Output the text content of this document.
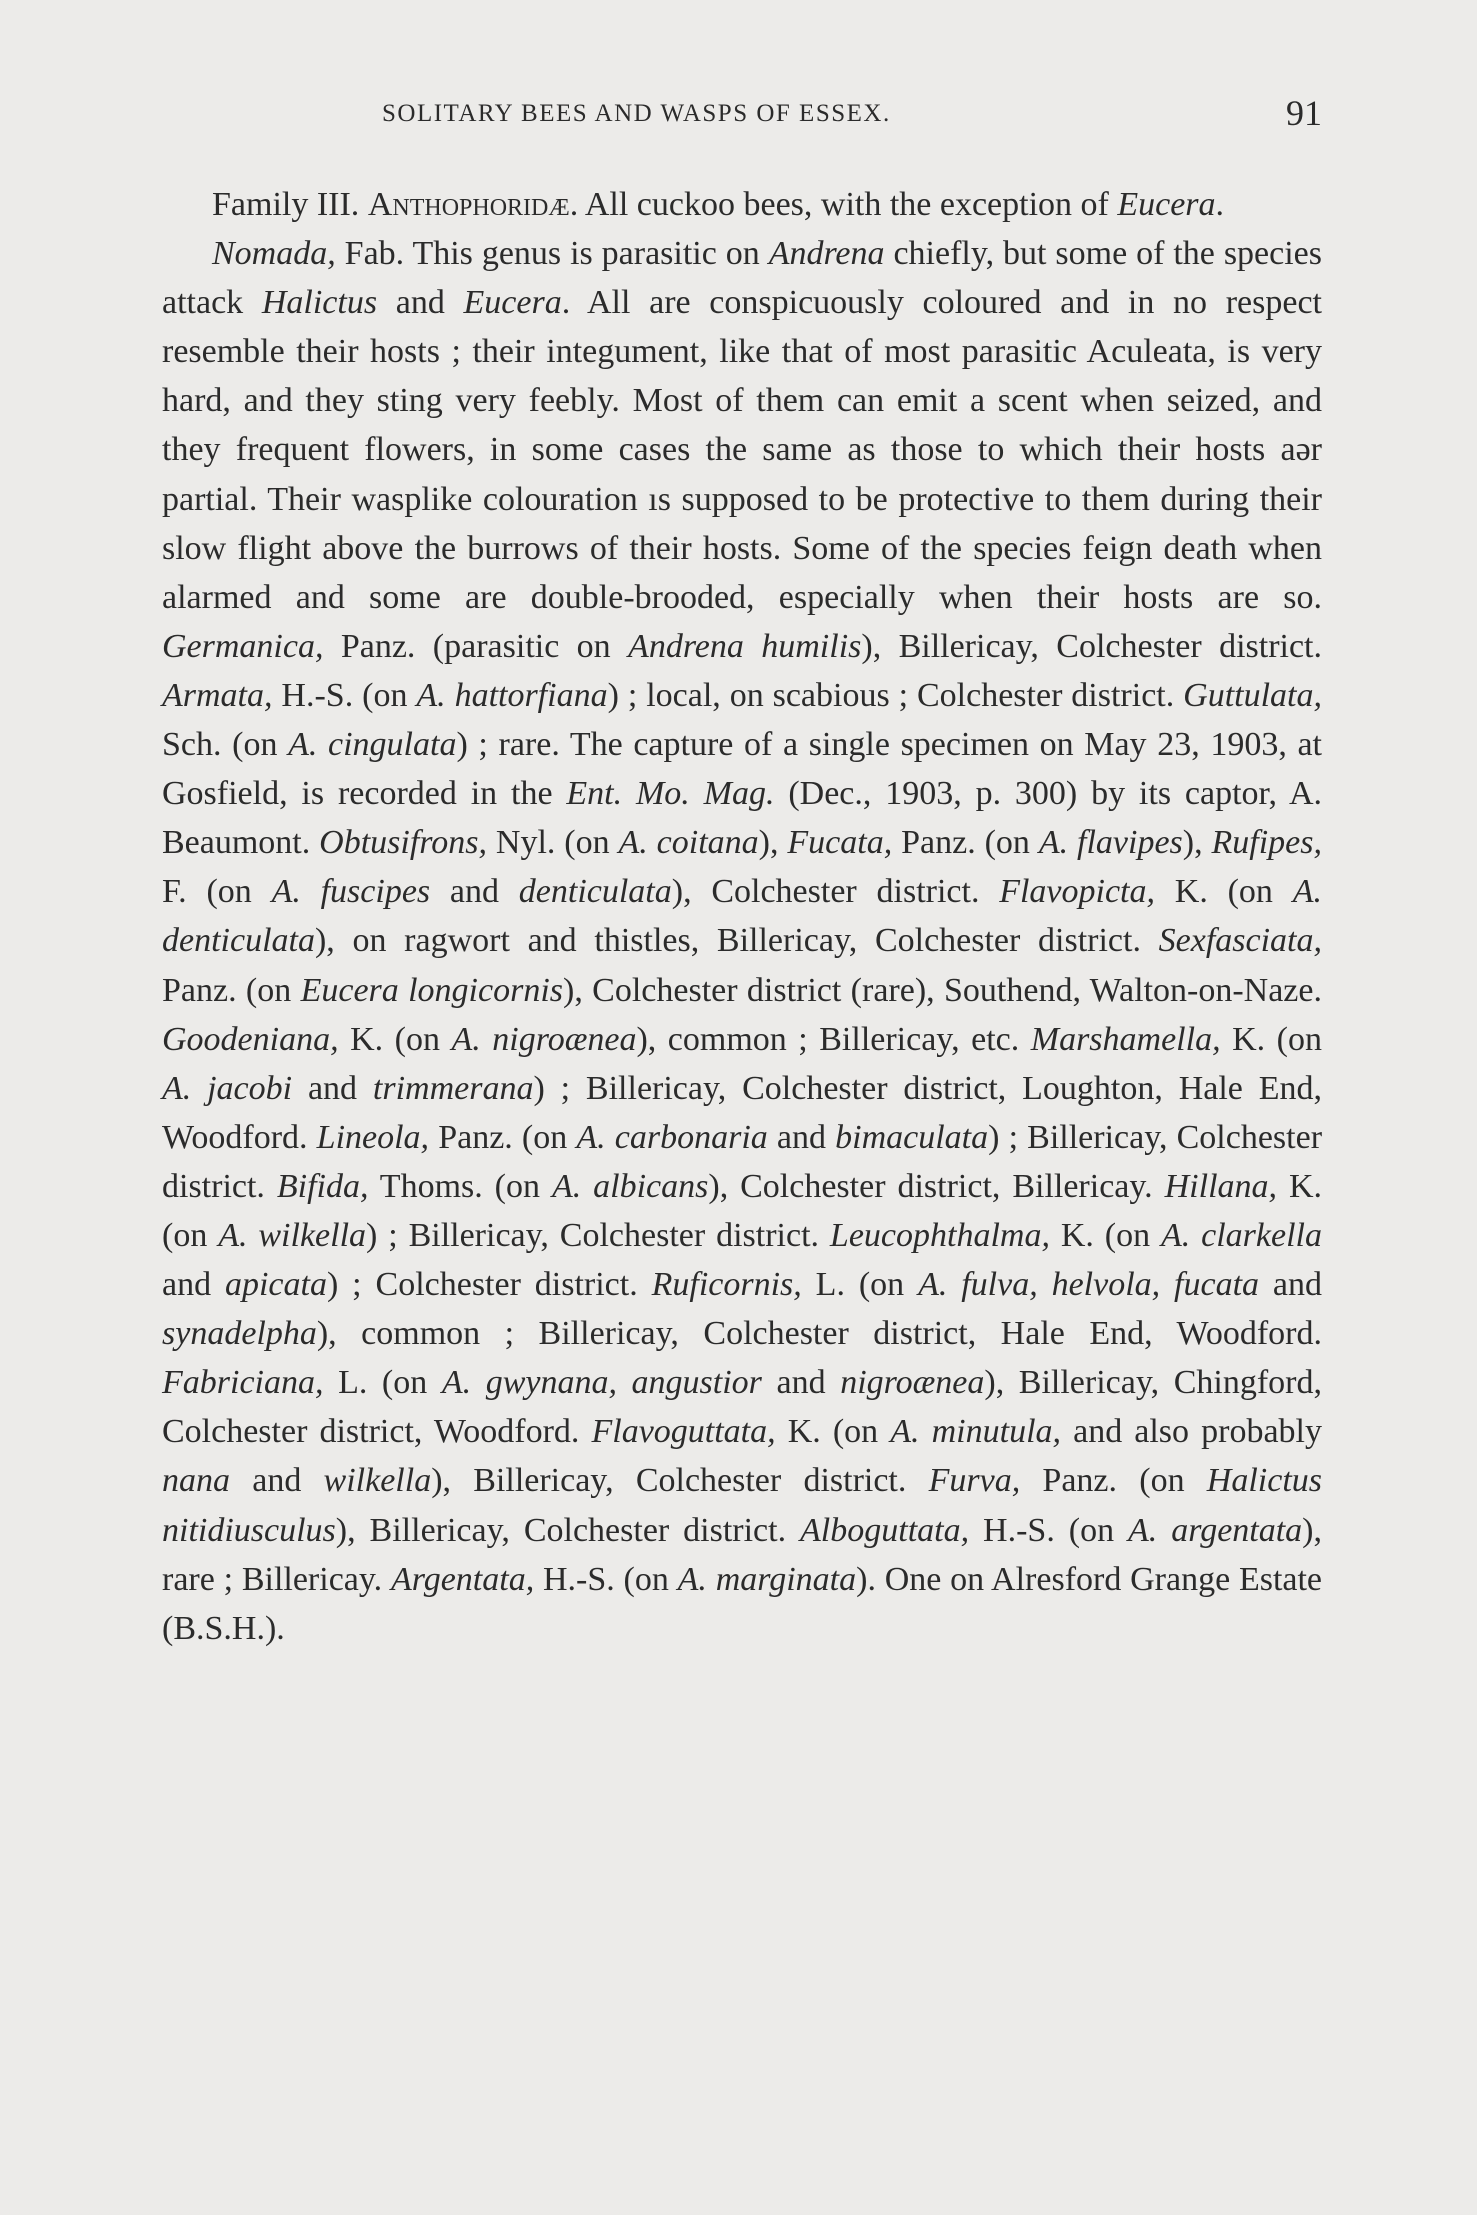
SOLITARY BEES AND WASPS OF ESSEX.	91

Family III. Anthophoridæ. All cuckoo bees, with the exception of Eucera.

Nomada, Fab. This genus is parasitic on Andrena chiefly, but some of the species attack Halictus and Eucera. All are conspicuously coloured and in no respect resemble their hosts ; their integument, like that of most parasitic Aculeata, is very hard, and they sting very feebly. Most of them can emit a scent when seized, and they frequent flowers, in some cases the same as those to which their hosts aər partial. Their wasplike colouration ıs supposed to be protective to them during their slow flight above the burrows of their hosts. Some of the species feign death when alarmed and some are double-brooded, especially when their hosts are so. Germanica, Panz. (parasitic on Andrena humilis), Billericay, Colchester district. Armata, H.-S. (on A. hattorfiana) ; local, on scabious ; Colchester district. Guttulata, Sch. (on A. cingulata) ; rare. The capture of a single specimen on May 23, 1903, at Gosfield, is recorded in the Ent. Mo. Mag. (Dec., 1903, p. 300) by its captor, A. Beaumont. Obtusifrons, Nyl. (on A. coitana), Fucata, Panz. (on A. flavipes), Rufipes, F. (on A. fuscipes and denticulata), Colchester district. Flavopicta, K. (on A. denticulata), on ragwort and thistles, Billericay, Colchester district. Sexfasciata, Panz. (on Eucera longicornis), Colchester district (rare), Southend, Walton-on-Naze. Goodeniana, K. (on A. nigroænea), common ; Billericay, etc. Marshamella, K. (on A. jacobi and trimmerana) ; Billericay, Colchester district, Loughton, Hale End, Woodford. Lineola, Panz. (on A. carbonaria and bimaculata) ; Billericay, Colchester district. Bifida, Thoms. (on A. albicans), Colchester district, Billericay. Hillana, K. (on A. wilkella) ; Billericay, Colchester district. Leucophthalma, K. (on A. clarkella and apicata) ; Colchester district. Ruficornis, L. (on A. fulva, helvola, fucata and synadelpha), common ; Billericay, Colchester district, Hale End, Woodford. Fabriciana, L. (on A. gwynana, angustior and nigroænea), Billericay, Chingford, Colchester district, Woodford. Flavoguttata, K. (on A. minutula, and also probably nana and wilkella), Billericay, Colchester district. Furva, Panz. (on Halictus nitidiusculus), Billericay, Colchester district. Alboguttata, H.-S. (on A. argentata), rare ; Billericay. Argentata, H.-S. (on A. marginata). One on Alresford Grange Estate (B.S.H.).
